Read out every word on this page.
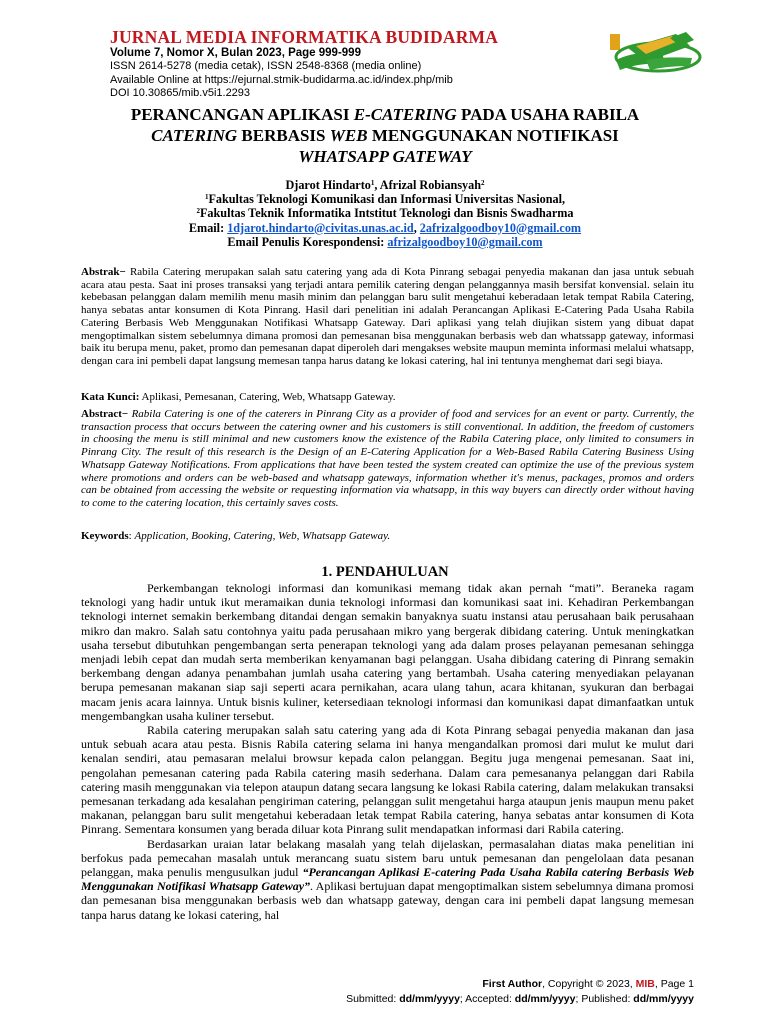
JURNAL MEDIA INFORMATIKA BUDIDARMA
Volume 7, Nomor X, Bulan 2023, Page 999-999
ISSN 2614-5278 (media cetak), ISSN 2548-8368 (media online)
Available Online at https://ejurnal.stmik-budidarma.ac.id/index.php/mib
DOI 10.30865/mib.v5i1.2293
PERANCANGAN APLIKASI E-CATERING PADA USAHA RABILA
CATERING BERBASIS WEB MENGGUNAKAN NOTIFIKASI
WHATSAPP GATEWAY
Djarot Hindarto$^1$, Afrizal Robiansyah$^2$
$^1$Fakultas Teknologi Komunikasi dan Informasi Universitas Nasional,
$^2$Fakultas Teknik Informatika Intstitut Teknologi dan Bisnis Swadharma
Email: 1djarot.hindarto@civitas.unas.ac.id, 2afrizalgoodboy10@gmail.com
Email Penulis Korespondensi: afrizalgoodboy10@gmail.com
Abstrak− Rabila Catering merupakan salah satu catering yang ada di Kota Pinrang sebagai penyedia makanan dan jasa untuk sebuah acara atau pesta. Saat ini proses transaksi yang terjadi antara pemilik catering dengan pelanggannya masih bersifat konvensial. selain itu kebebasan pelanggan dalam memilih menu masih minim dan pelanggan baru sulit mengetahui keberadaan letak tempat Rabila Catering, hanya sebatas antar konsumen di Kota Pinrang. Hasil dari penelitian ini adalah Perancangan Aplikasi E-Catering Pada Usaha Rabila Catering Berbasis Web Menggunakan Notifikasi Whatsapp Gateway. Dari aplikasi yang telah diujikan sistem yang dibuat dapat mengoptimalkan sistem sebelumnya dimana promosi dan pemesanan bisa menggunakan berbasis web dan whatssapp gateway, informasi baik itu berupa menu, paket, promo dan pemesanan dapat diperoleh dari mengakses website maupun meminta informasi melalui whatsapp, dengan cara ini pembeli dapat langsung memesan tanpa harus datang ke lokasi catering, hal ini tentunya menghemat dari segi biaya.
Kata Kunci: Aplikasi, Pemesanan, Catering, Web, Whatsapp Gateway.
Abstract− Rabila Catering is one of the caterers in Pinrang City as a provider of food and services for an event or party. Currently, the transaction process that occurs between the catering owner and his customers is still conventional. In addition, the freedom of customers in choosing the menu is still minimal and new customers know the existence of the Rabila Catering place, only limited to consumers in Pinrang City. The result of this research is the Design of an E-Catering Application for a Web-Based Rabila Catering Business Using Whatsapp Gateway Notifications. From applications that have been tested the system created can optimize the use of the previous system where promotions and orders can be web-based and whatsapp gateways, information whether it's menus, packages, promos and orders can be obtained from accessing the website or requesting information via whatsapp, in this way buyers can directly order without having to come to the catering location, this certainly saves costs.
Keywords: Application, Booking, Catering, Web, Whatsapp Gateway.
1. PENDAHULUAN

Perkembangan teknologi informasi dan komunikasi memang tidak akan pernah “mati”. Beraneka ragam teknologi yang hadir untuk ikut meramaikan dunia teknologi informasi dan komunikasi saat ini. Kehadiran Perkembangan teknologi internet semakin berkembang ditandai dengan semakin banyaknya suatu instansi atau perusahaan baik perusahaan mikro dan makro. Salah satu contohnya yaitu pada perusahaan mikro yang bergerak dibidang catering. Untuk meningkatkan usaha tersebut dibutuhkan pengembangan serta penerapan teknologi yang ada dalam proses pelayanan pemesanan sehingga menjadi lebih cepat dan mudah serta memberikan kenyamanan bagi pelanggan. Usaha dibidang catering di Pinrang semakin berkembang dengan adanya penambahan jumlah usaha catering yang bertambah. Usaha catering menyediakan pelayanan berupa pemesanan makanan siap saji seperti acara pernikahan, acara ulang tahun, acara khitanan, syukuran dan berbagai macam jenis acara lainnya. Untuk bisnis kuliner, ketersediaan teknologi informasi dan komunikasi dapat dimanfaatkan untuk mengembangkan usaha kuliner tersebut.

Rabila catering merupakan salah satu catering yang ada di Kota Pinrang sebagai penyedia makanan dan jasa untuk sebuah acara atau pesta. Bisnis Rabila catering selama ini hanya mengandalkan promosi dari mulut ke mulut dari kenalan sendiri, atau pemasaran melalui browsur kepada calon pelanggan. Begitu juga mengenai pemesanan. Saat ini, pengolahan pemesanan catering pada Rabila catering masih sederhana. Dalam cara pemesananya pelanggan dari Rabila catering masih menggunakan via telepon ataupun datang secara langsung ke lokasi Rabila catering, dalam melakukan transaksi pemesanan terkadang ada kesalahan pengiriman catering, pelanggan sulit mengetahui harga ataupun jenis maupun menu paket makanan, pelanggan baru sulit mengetahui keberadaan letak tempat Rabila catering, hanya sebatas antar konsumen di Kota Pinrang. Sementara konsumen yang berada diluar kota Pinrang sulit mendapatkan informasi dari Rabila catering.

Berdasarkan uraian latar belakang masalah yang telah dijelaskan, permasalahan diatas maka penelitian ini berfokus pada pemecahan masalah untuk merancang suatu sistem baru untuk pemesanan dan pengelolaan data pesanan pelanggan, maka penulis mengusulkan judul “Perancangan Aplikasi E-catering Pada Usaha Rabila catering Berbasis Web Menggunakan Notifikasi Whatsapp Gateway”. Aplikasi bertujuan dapat mengoptimalkan sistem sebelumnya dimana promosi dan pemesanan bisa menggunakan berbasis web dan whatsapp gateway, dengan cara ini pembeli dapat langsung memesan tanpa harus datang ke lokasi catering, hal

First Author, Copyright © 2023, MIB, Page 1
Submitted: dd/mm/yyyy; Accepted: dd/mm/yyyy; Published: dd/mm/yyyy
